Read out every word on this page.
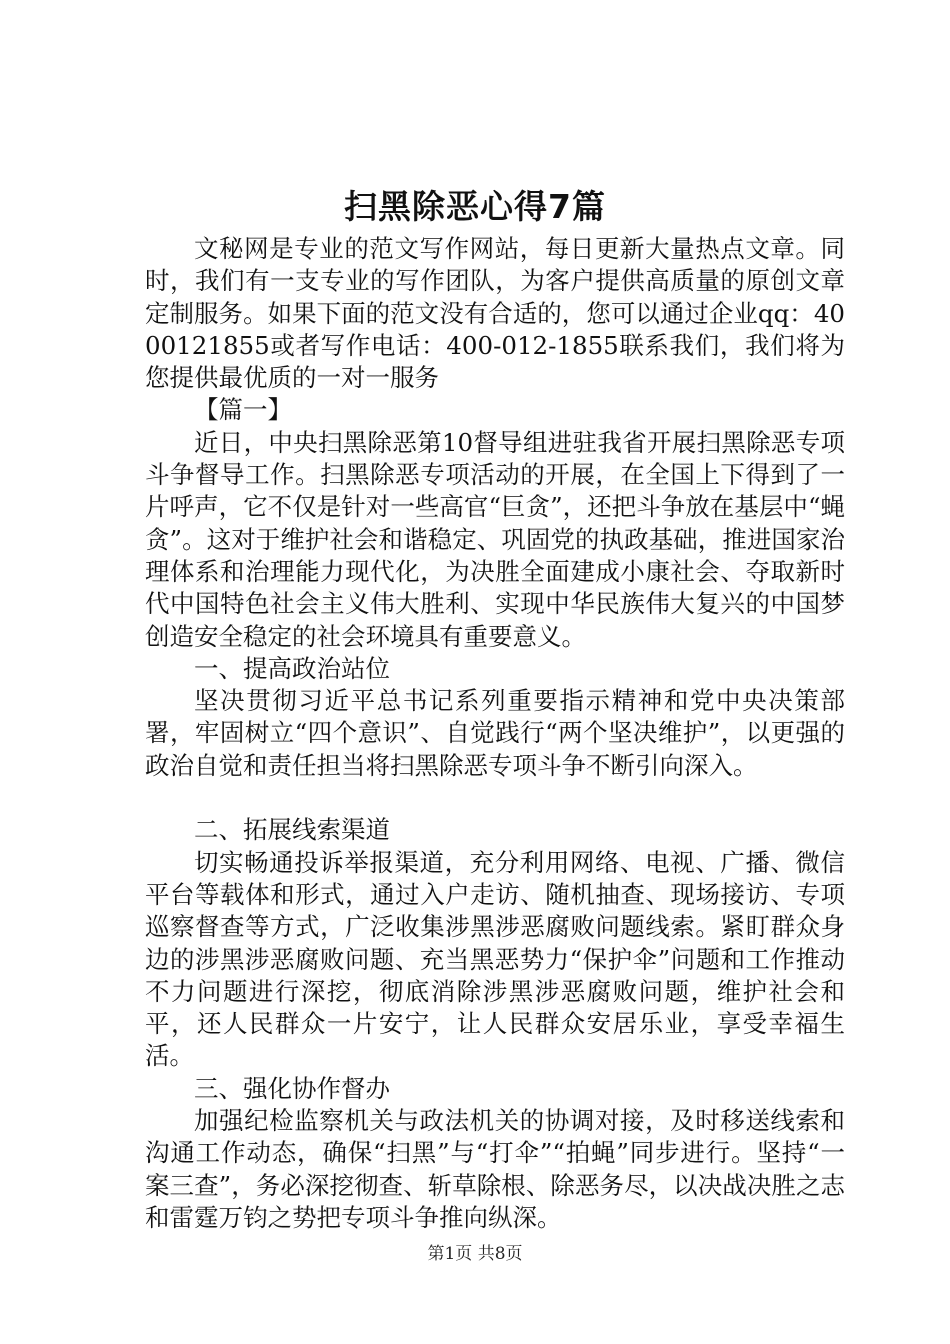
扫黑除恶心得7篇

文秘网是专业的范文写作网站，每日更新大量热点文章。同时，我们有一支专业的写作团队，为客户提供高质量的原创文章定制服务。如果下面的范文没有合适的，您可以通过企业qq：4000121855或者写作电话：400-012-1855联系我们，我们将为您提供最优质的一对一服务

【篇一】

近日，中央扫黑除恶第10督导组进驻我省开展扫黑除恶专项斗争督导工作。扫黑除恶专项活动的开展，在全国上下得到了一片呼声，它不仅是针对一些高官“巨贪”，还把斗争放在基层中“蝇贪”。这对于维护社会和谐稳定、巩固党的执政基础，推进国家治理体系和治理能力现代化，为决胜全面建成小康社会、夺取新时代中国特色社会主义伟大胜利、实现中华民族伟大复兴的中国梦创造安全稳定的社会环境具有重要意义。

一、提高政治站位

坚决贯彻习近平总书记系列重要指示精神和党中央决策部署，牢固树立“四个意识”、自觉践行“两个坚决维护”，以更强的政治自觉和责任担当将扫黑除恶专项斗争不断引向深入。

二、拓展线索渠道

切实畅通投诉举报渠道，充分利用网络、电视、广播、微信平台等载体和形式，通过入户走访、随机抽查、现场接访、专项巡察督查等方式，广泛收集涉黑涉恶腐败问题线索。紧盯群众身边的涉黑涉恶腐败问题、充当黑恶势力“保护伞”问题和工作推动不力问题进行深挖，彻底消除涉黑涉恶腐败问题，维护社会和平，还人民群众一片安宁，让人民群众安居乐业，享受幸福生活。

三、强化协作督办

加强纪检监察机关与政法机关的协调对接，及时移送线索和沟通工作动态，确保“扫黑”与“打伞”“拍蝇”同步进行。坚持“一案三查”，务必深挖彻查、斩草除根、除恶务尽，以决战决胜之志和雷霆万钧之势把专项斗争推向纵深。

第1页 共8页
